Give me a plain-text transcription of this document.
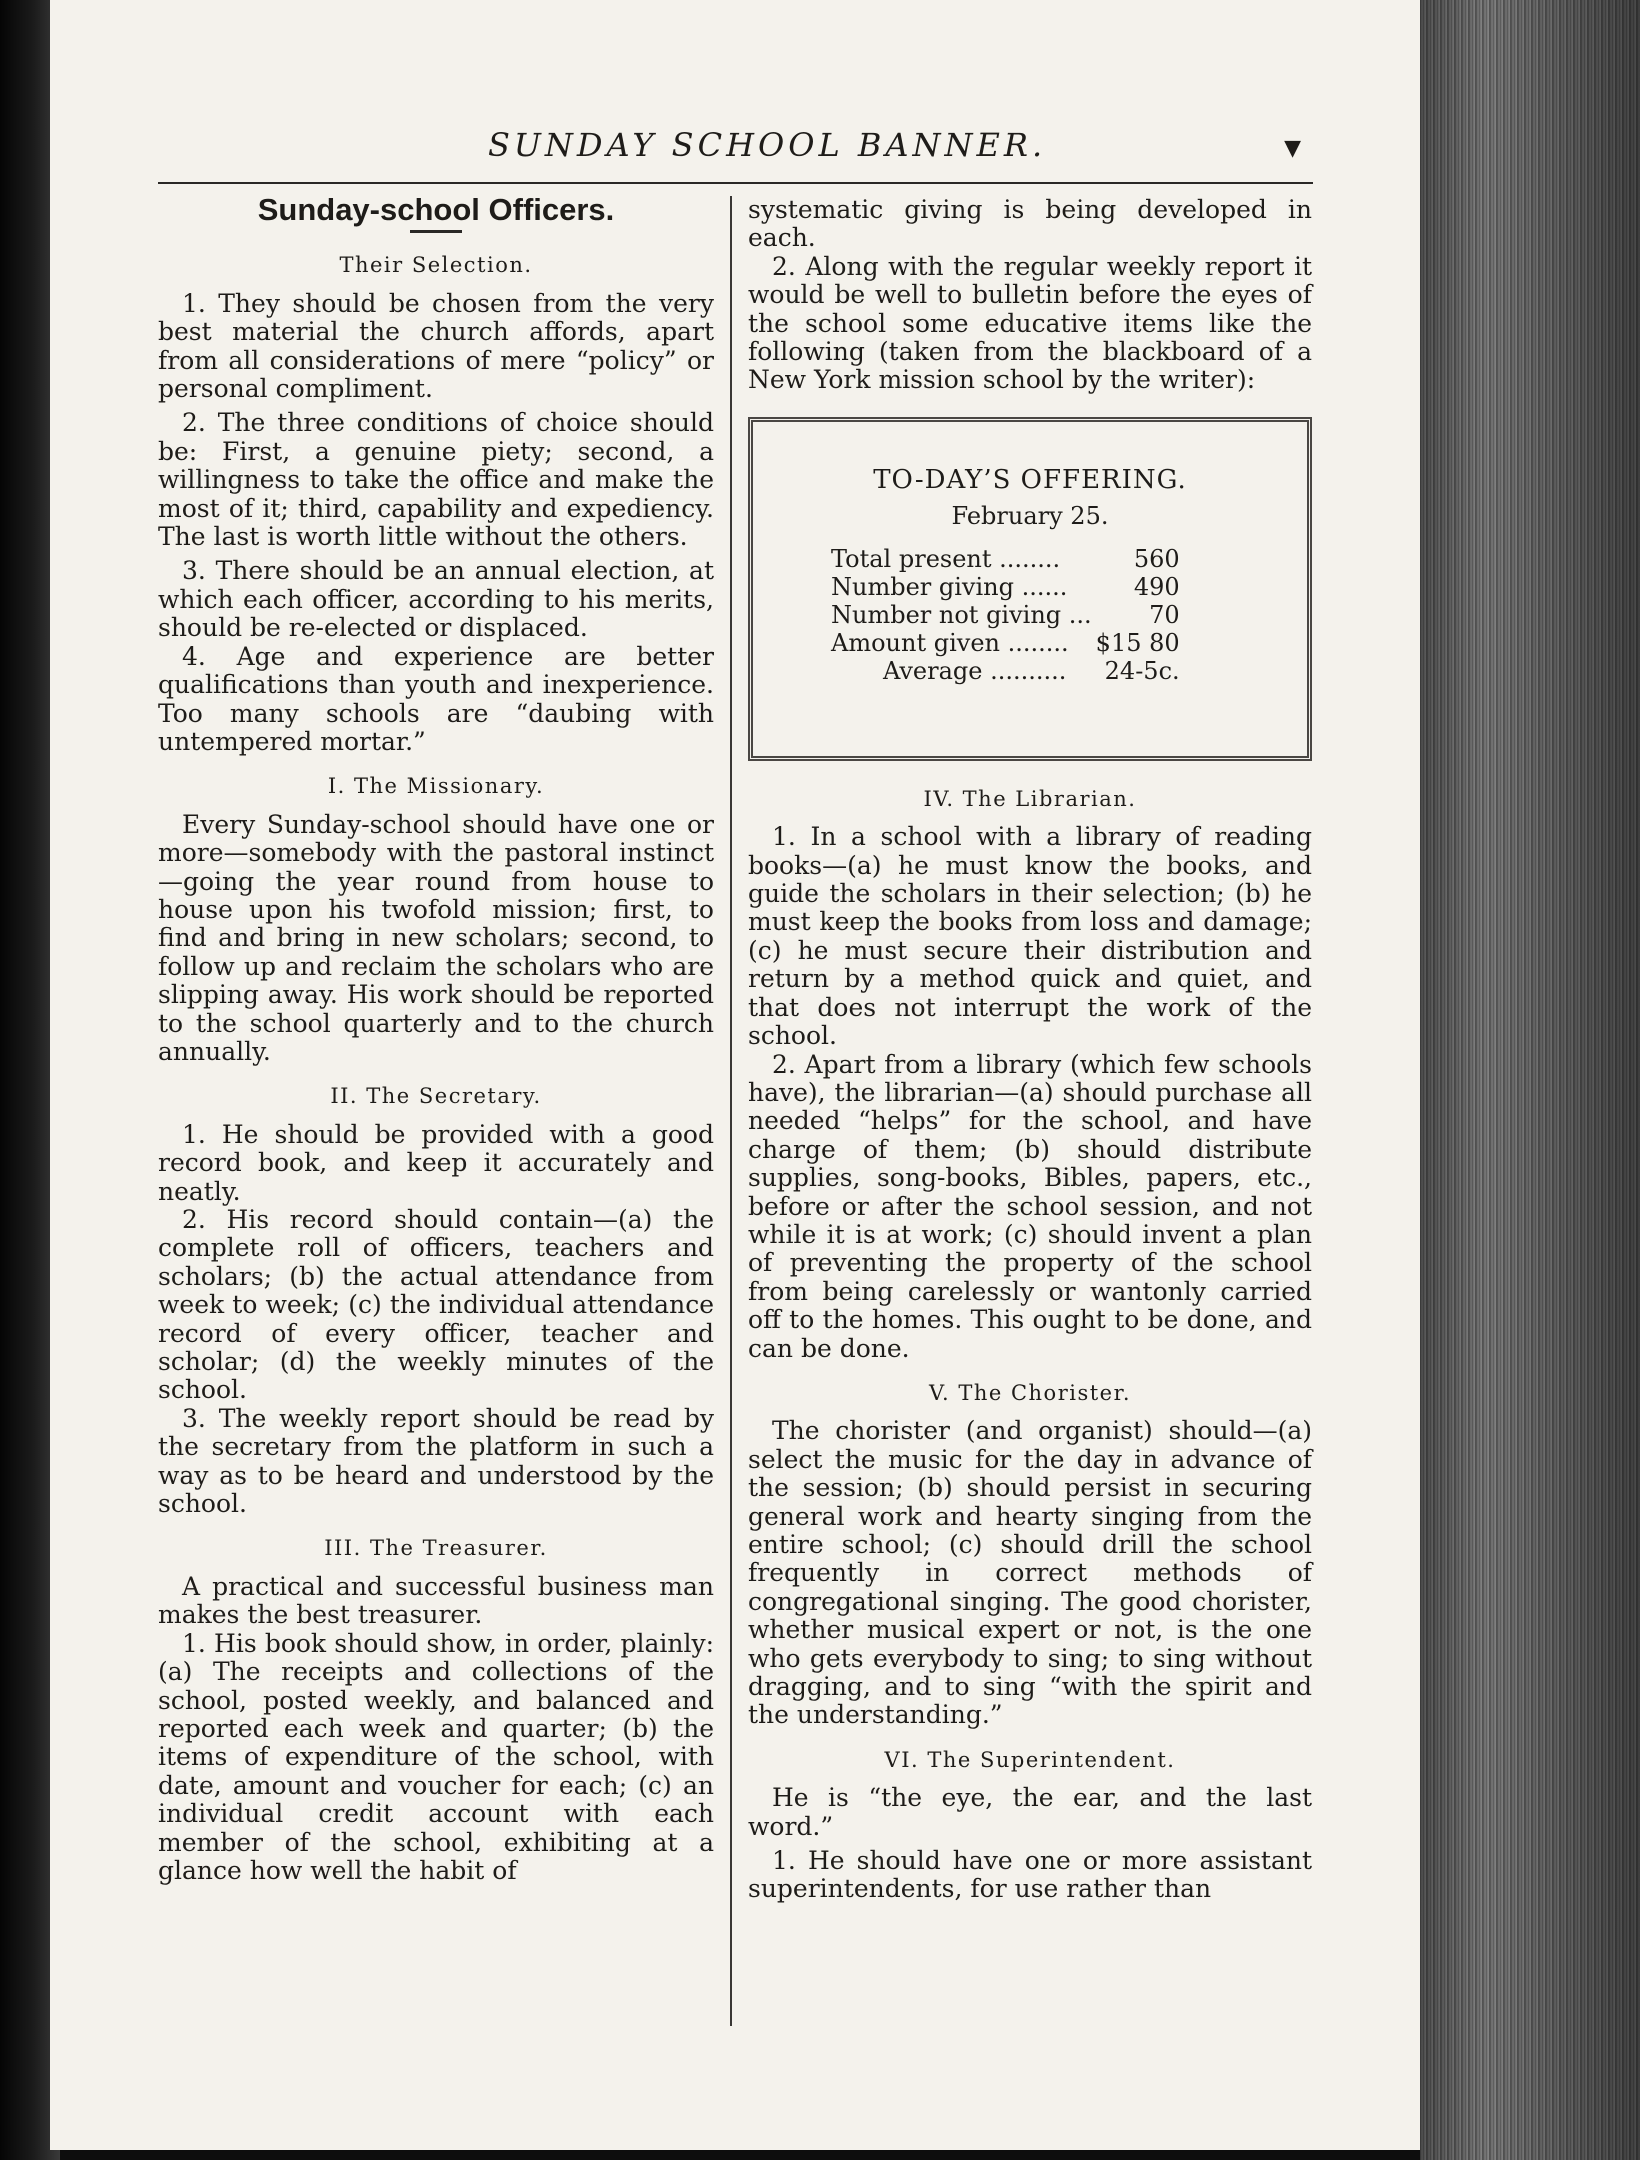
SUNDAY SCHOOL BANNER.	▼
Sunday-school Officers.
Their Selection.

1. They should be chosen from the very best material the church affords, apart from all considerations of mere “policy” or personal compliment.

2. The three conditions of choice should be: First, a genuine piety; second, a willingness to take the office and make the most of it; third, capability and expediency. The last is worth little without the others.

3. There should be an annual election, at which each officer, according to his merits, should be re-elected or displaced.

4. Age and experience are better qualifications than youth and inexperience. Too many schools are “daubing with untempered mortar.”

I. The Missionary.

Every Sunday-school should have one or more—somebody with the pastoral instinct—going the year round from house to house upon his twofold mission; first, to find and bring in new scholars; second, to follow up and reclaim the scholars who are slipping away. His work should be reported to the school quarterly and to the church annually.

II. The Secretary.

1. He should be provided with a good record book, and keep it accurately and neatly.

2. His record should contain—(a) the complete roll of officers, teachers and scholars; (b) the actual attendance from week to week; (c) the individual attendance record of every officer, teacher and scholar; (d) the weekly minutes of the school.

3. The weekly report should be read by the secretary from the platform in such a way as to be heard and understood by the school.

III. The Treasurer.

A practical and successful business man makes the best treasurer.

1. His book should show, in order, plainly: (a) The receipts and collections of the school, posted weekly, and balanced and reported each week and quarter; (b) the items of expenditure of the school, with date, amount and voucher for each; (c) an individual credit account with each member of the school, exhibiting at a glance how well the habit of

systematic giving is being developed in each.

2. Along with the regular weekly report it would be well to bulletin before the eyes of the school some educative items like the following (taken from the blackboard of a New York mission school by the writer):

TO-DAY’S OFFERING.
February 25.
Total present ........	560
Number giving ......	490
Number not giving ...	70
Amount given ........	$15 80
Average ..........	24-5c.
IV. The Librarian.

1. In a school with a library of reading books—(a) he must know the books, and guide the scholars in their selection; (b) he must keep the books from loss and damage; (c) he must secure their distribution and return by a method quick and quiet, and that does not interrupt the work of the school.

2. Apart from a library (which few schools have), the librarian—(a) should purchase all needed “helps” for the school, and have charge of them; (b) should distribute supplies, song-books, Bibles, papers, etc., before or after the school session, and not while it is at work; (c) should invent a plan of preventing the property of the school from being carelessly or wantonly carried off to the homes. This ought to be done, and can be done.

V. The Chorister.

The chorister (and organist) should—(a) select the music for the day in advance of the session; (b) should persist in securing general work and hearty singing from the entire school; (c) should drill the school frequently in correct methods of congregational singing. The good chorister, whether musical expert or not, is the one who gets everybody to sing; to sing without dragging, and to sing “with the spirit and the understanding.”

VI. The Superintendent.

He is “the eye, the ear, and the last word.”

1. He should have one or more assistant superintendents, for use rather than
